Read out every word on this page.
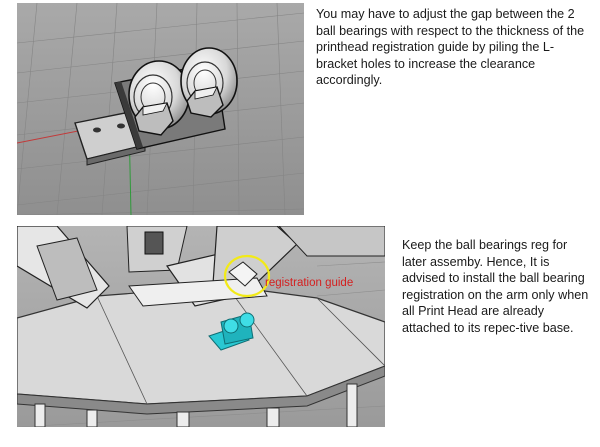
You may have to adjust the gap between the 2 ball bearings with respect to the thickness of the printhead registration guide by piling the L-bracket holes to increase the clearance accordingly.

registration guide

Keep the ball bearings reg for later assemby. Hence, It is advised to install the ball bearing registration on the arm only when all Print Head are already attached to its repec-tive base.
